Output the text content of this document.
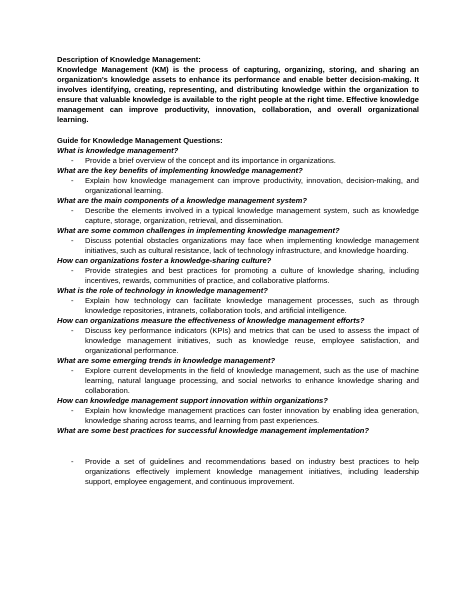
Description of Knowledge Management:

Knowledge Management (KM) is the process of capturing, organizing, storing, and sharing an organization's knowledge assets to enhance its performance and enable better decision-making. It involves identifying, creating, representing, and distributing knowledge within the organization to ensure that valuable knowledge is available to the right people at the right time. Effective knowledge management can improve productivity, innovation, collaboration, and overall organizational learning.

Guide for Knowledge Management Questions:

What is knowledge management?

- Provide a brief overview of the concept and its importance in organizations.

What are the key benefits of implementing knowledge management?

- Explain how knowledge management can improve productivity, innovation, decision-making, and organizational learning.

What are the main components of a knowledge management system?

- Describe the elements involved in a typical knowledge management system, such as knowledge capture, storage, organization, retrieval, and dissemination.

What are some common challenges in implementing knowledge management?

- Discuss potential obstacles organizations may face when implementing knowledge management initiatives, such as cultural resistance, lack of technology infrastructure, and knowledge hoarding.

How can organizations foster a knowledge-sharing culture?

- Provide strategies and best practices for promoting a culture of knowledge sharing, including incentives, rewards, communities of practice, and collaborative platforms.

What is the role of technology in knowledge management?

- Explain how technology can facilitate knowledge management processes, such as through knowledge repositories, intranets, collaboration tools, and artificial intelligence.

How can organizations measure the effectiveness of knowledge management efforts?

- Discuss key performance indicators (KPIs) and metrics that can be used to assess the impact of knowledge management initiatives, such as knowledge reuse, employee satisfaction, and organizational performance.

What are some emerging trends in knowledge management?

- Explore current developments in the field of knowledge management, such as the use of machine learning, natural language processing, and social networks to enhance knowledge sharing and collaboration.

How can knowledge management support innovation within organizations?

- Explain how knowledge management practices can foster innovation by enabling idea generation, knowledge sharing across teams, and learning from past experiences.

What are some best practices for successful knowledge management implementation?

- Provide a set of guidelines and recommendations based on industry best practices to help organizations effectively implement knowledge management initiatives, including leadership support, employee engagement, and continuous improvement.
